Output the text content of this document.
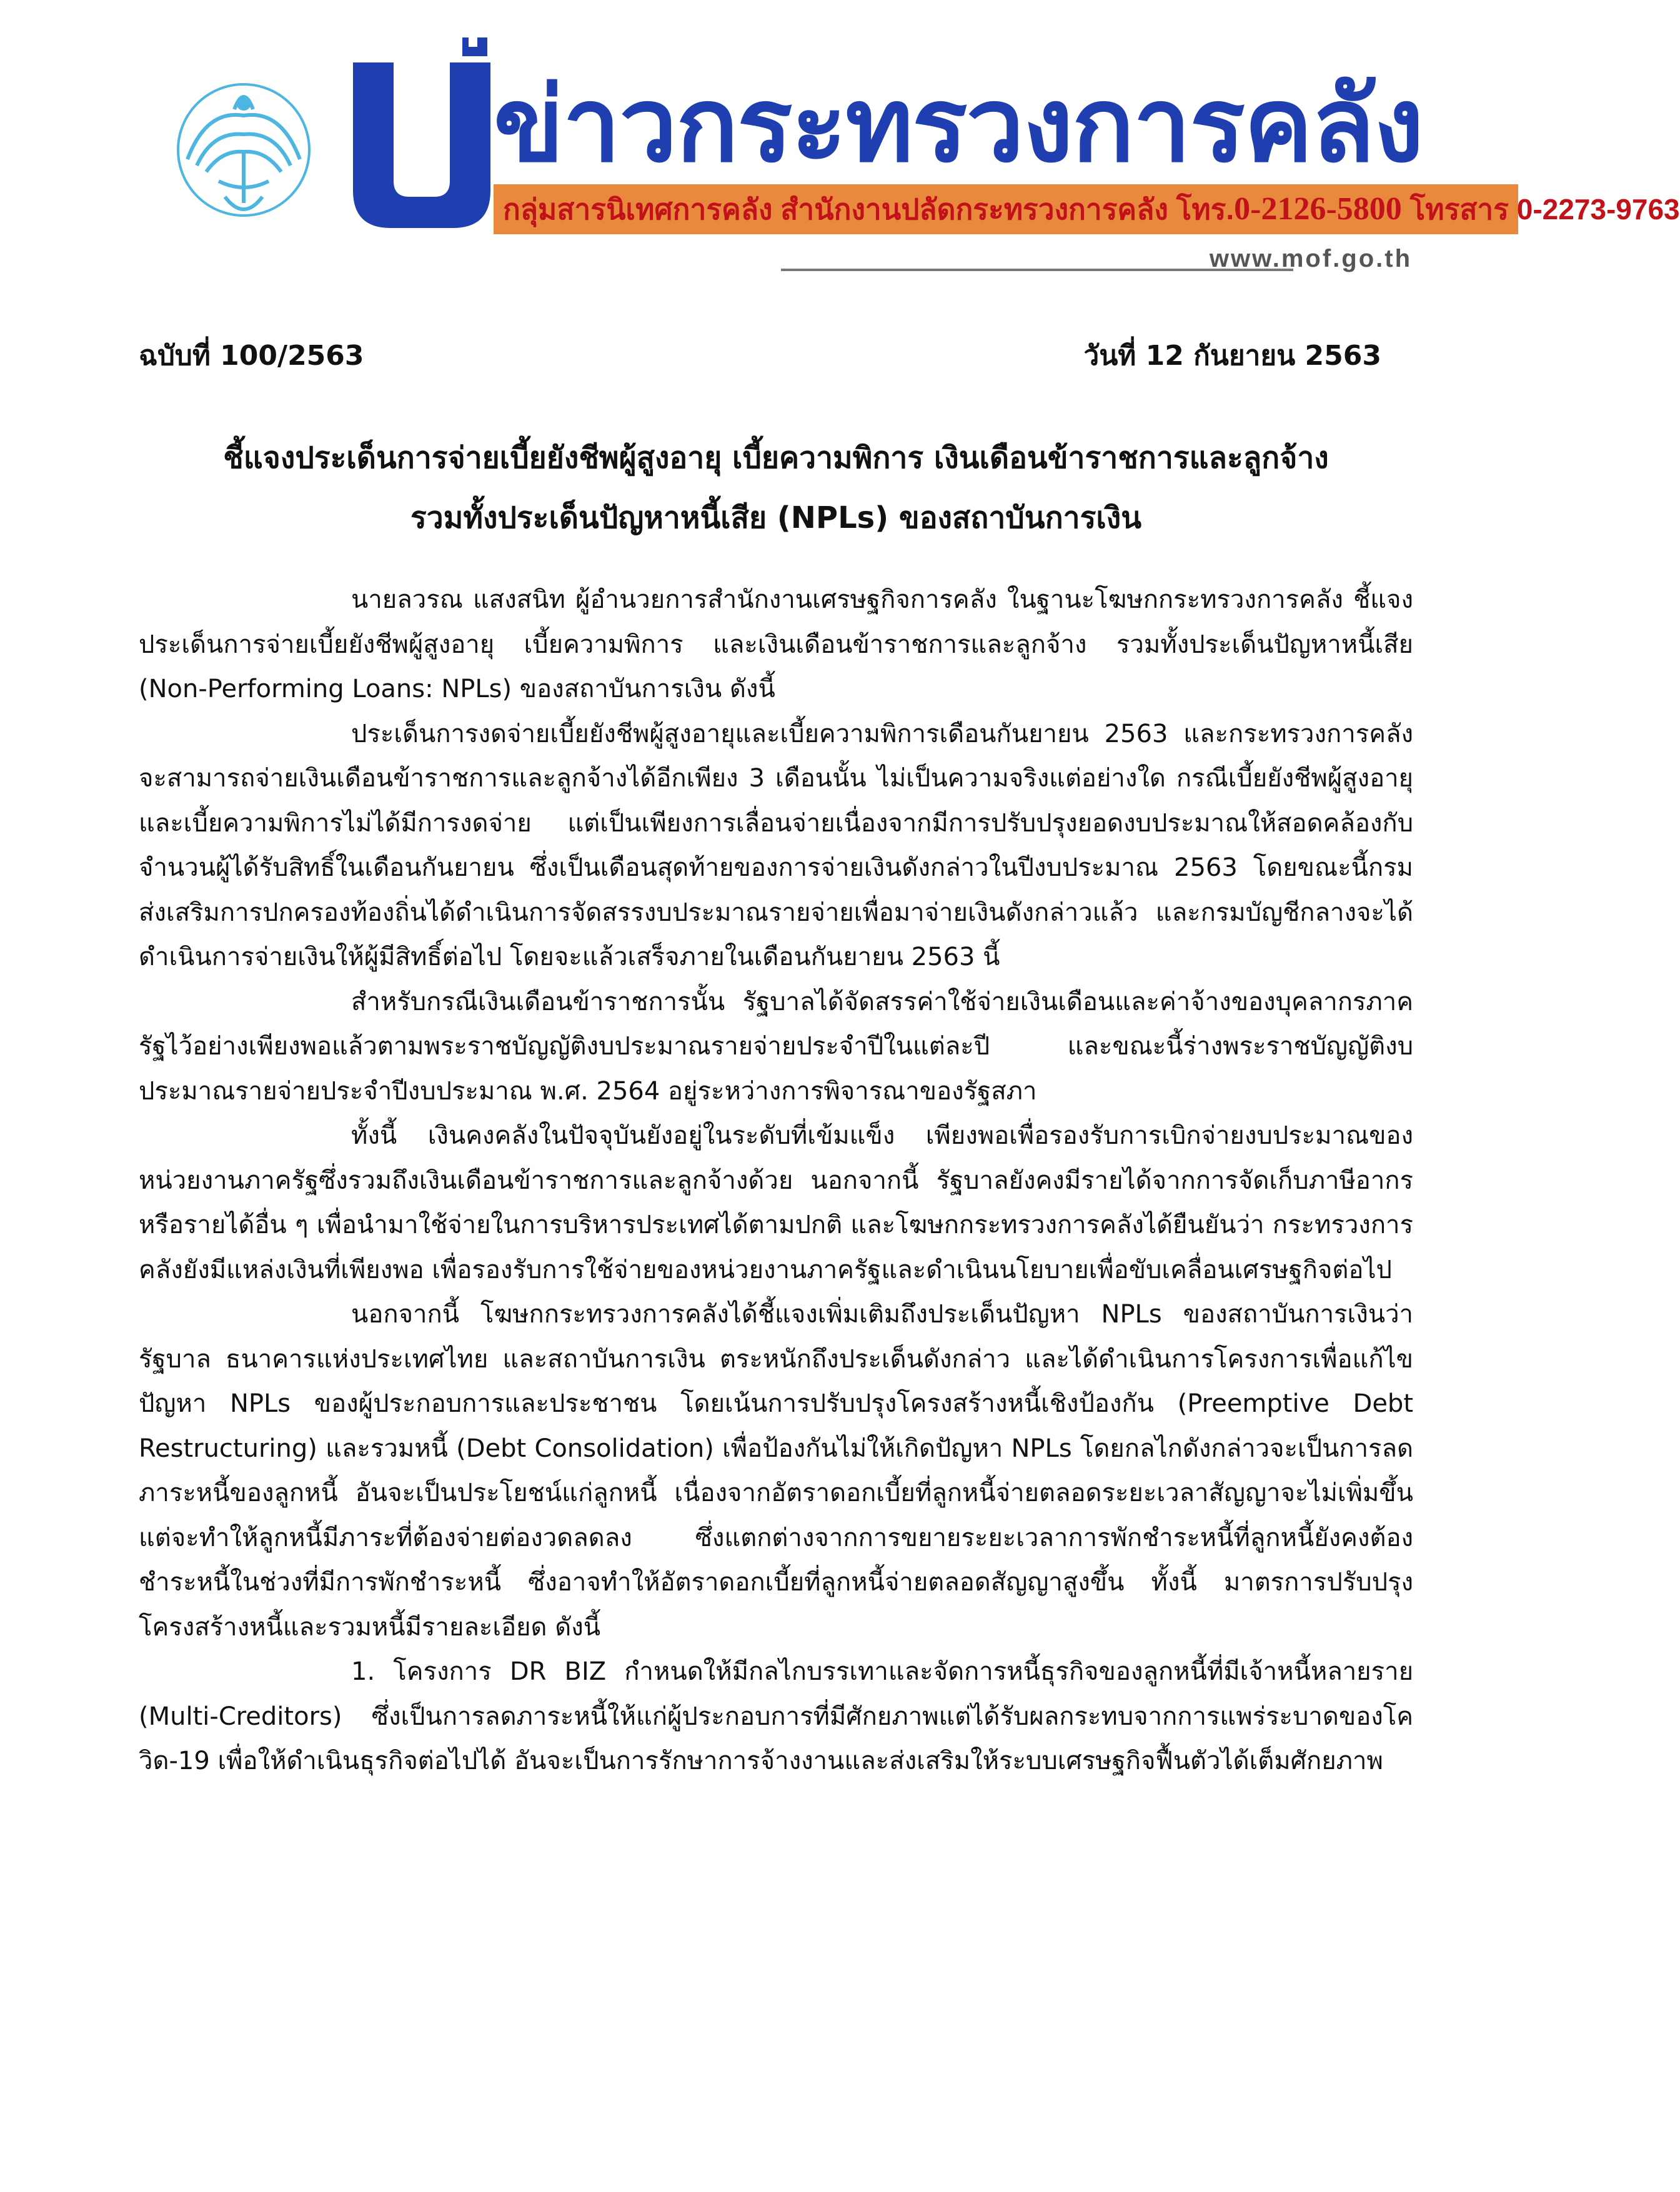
ข่าวกระทรวงการคลัง
กลุ่มสารนิเทศการคลัง สำนักงานปลัดกระทรวงการคลัง โทร.0-2126-5800 โทรสาร 0-2273-9763
www.mof.go.th
ฉบับที่ 100/2563	วันที่ 12 กันยายน 2563
ชี้แจงประเด็นการจ่ายเบี้ยยังชีพผู้สูงอายุ เบี้ยความพิการ เงินเดือนข้าราชการและลูกจ้าง
รวมทั้งประเด็นปัญหาหนี้เสีย (NPLs) ของสถาบันการเงิน

นายลวรณ แสงสนิท ผู้อำนวยการสำนักงานเศรษฐกิจการคลัง ในฐานะโฆษกกระทรวงการคลัง ชี้แจงประเด็นการจ่ายเบี้ยยังชีพผู้สูงอายุ เบี้ยความพิการ และเงินเดือนข้าราชการและลูกจ้าง รวมทั้งประเด็นปัญหาหนี้เสีย (Non-Performing Loans: NPLs) ของสถาบันการเงิน ดังนี้

ประเด็นการงดจ่ายเบี้ยยังชีพผู้สูงอายุและเบี้ยความพิการเดือนกันยายน 2563 และกระทรวงการคลังจะสามารถจ่ายเงินเดือนข้าราชการและลูกจ้างได้อีกเพียง 3 เดือนนั้น ไม่เป็นความจริงแต่อย่างใด กรณีเบี้ยยังชีพผู้สูงอายุและเบี้ยความพิการไม่ได้มีการงดจ่าย แต่เป็นเพียงการเลื่อนจ่ายเนื่องจากมีการปรับปรุงยอดงบประมาณให้สอดคล้องกับจำนวนผู้ได้รับสิทธิ์ในเดือนกันยายน ซึ่งเป็นเดือนสุดท้ายของการจ่ายเงินดังกล่าวในปีงบประมาณ 2563 โดยขณะนี้กรมส่งเสริมการปกครองท้องถิ่นได้ดำเนินการจัดสรรงบประมาณรายจ่ายเพื่อมาจ่ายเงินดังกล่าวแล้ว และกรมบัญชีกลางจะได้ดำเนินการจ่ายเงินให้ผู้มีสิทธิ์ต่อไป โดยจะแล้วเสร็จภายในเดือนกันยายน 2563 นี้

สำหรับกรณีเงินเดือนข้าราชการนั้น รัฐบาลได้จัดสรรค่าใช้จ่ายเงินเดือนและค่าจ้างของบุคลากรภาครัฐไว้อย่างเพียงพอแล้วตามพระราชบัญญัติงบประมาณรายจ่ายประจำปีในแต่ละปี และขณะนี้ร่างพระราชบัญญัติงบประมาณรายจ่ายประจำปีงบประมาณ พ.ศ. 2564 อยู่ระหว่างการพิจารณาของรัฐสภา

ทั้งนี้ เงินคงคลังในปัจจุบันยังอยู่ในระดับที่เข้มแข็ง เพียงพอเพื่อรองรับการเบิกจ่ายงบประมาณของหน่วยงานภาครัฐซึ่งรวมถึงเงินเดือนข้าราชการและลูกจ้างด้วย นอกจากนี้ รัฐบาลยังคงมีรายได้จากการจัดเก็บภาษีอากรหรือรายได้อื่น ๆ เพื่อนำมาใช้จ่ายในการบริหารประเทศได้ตามปกติ และโฆษกกระทรวงการคลังได้ยืนยันว่า กระทรวงการคลังยังมีแหล่งเงินที่เพียงพอ เพื่อรองรับการใช้จ่ายของหน่วยงานภาครัฐและดำเนินนโยบายเพื่อขับเคลื่อนเศรษฐกิจต่อไป

นอกจากนี้ โฆษกกระทรวงการคลังได้ชี้แจงเพิ่มเติมถึงประเด็นปัญหา NPLs ของสถาบันการเงินว่า รัฐบาล ธนาคารแห่งประเทศไทย และสถาบันการเงิน ตระหนักถึงประเด็นดังกล่าว และได้ดำเนินการโครงการเพื่อแก้ไขปัญหา NPLs ของผู้ประกอบการและประชาชน โดยเน้นการปรับปรุงโครงสร้างหนี้เชิงป้องกัน (Preemptive Debt Restructuring) และรวมหนี้ (Debt Consolidation) เพื่อป้องกันไม่ให้เกิดปัญหา NPLs โดยกลไกดังกล่าวจะเป็นการลดภาระหนี้ของลูกหนี้ อันจะเป็นประโยชน์แก่ลูกหนี้ เนื่องจากอัตราดอกเบี้ยที่ลูกหนี้จ่ายตลอดระยะเวลาสัญญาจะไม่เพิ่มขึ้นแต่จะทำให้ลูกหนี้มีภาระที่ต้องจ่ายต่องวดลดลง ซึ่งแตกต่างจากการขยายระยะเวลาการพักชำระหนี้ที่ลูกหนี้ยังคงต้องชำระหนี้ในช่วงที่มีการพักชำระหนี้ ซึ่งอาจทำให้อัตราดอกเบี้ยที่ลูกหนี้จ่ายตลอดสัญญาสูงขึ้น ทั้งนี้ มาตรการปรับปรุงโครงสร้างหนี้และรวมหนี้มีรายละเอียด ดังนี้

1. โครงการ DR BIZ กำหนดให้มีกลไกบรรเทาและจัดการหนี้ธุรกิจของลูกหนี้ที่มีเจ้าหนี้หลายราย (Multi-Creditors) ซึ่งเป็นการลดภาระหนี้ให้แก่ผู้ประกอบการที่มีศักยภาพแต่ได้รับผลกระทบจากการแพร่ระบาดของโควิด-19 เพื่อให้ดำเนินธุรกิจต่อไปได้ อันจะเป็นการรักษาการจ้างงานและส่งเสริมให้ระบบเศรษฐกิจฟื้นตัวได้เต็มศักยภาพ
